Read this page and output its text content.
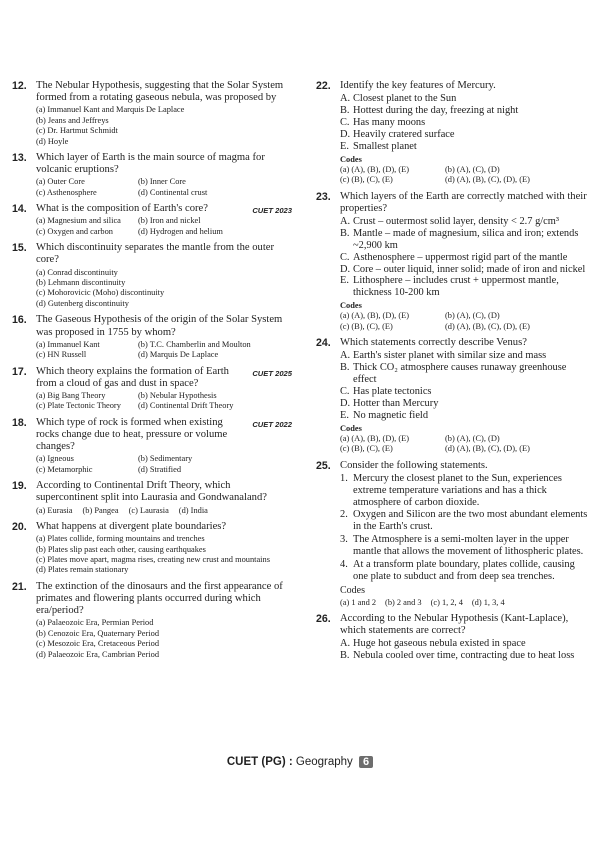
12. The Nebular Hypothesis, suggesting that the Solar System formed from a rotating gaseous nebula, was proposed by
(a) Immanuel Kant and Marquis De Laplace
(b) Jeans and Jeffreys
(c) Dr. Hartmut Schmidt
(d) Hoyle
13. Which layer of Earth is the main source of magma for volcanic eruptions?
(a) Outer Core	(b) Inner Core
(c) Asthenosphere	(d) Continental crust
14.	CUET 2023
What is the composition of Earth's core?
(a) Magnesium and silica	(b) Iron and nickel
(c) Oxygen and carbon	(d) Hydrogen and helium
15. Which discontinuity separates the mantle from the outer core?
(a) Conrad discontinuity
(b) Lehmann discontinuity
(c) Mohorovicic (Moho) discontinuity
(d) Gutenberg discontinuity
16. The Gaseous Hypothesis of the origin of the Solar System was proposed in 1755 by whom?
(a) Immanuel Kant	(b) T.C. Chamberlin and Moulton
(c) HN Russell	(d) Marquis De Laplace
17.	CUET 2025
Which theory explains the formation of Earth from a cloud of gas and dust in space?
(a) Big Bang Theory	(b) Nebular Hypothesis
(c) Plate Tectonic Theory	(d) Continental Drift Theory
18.	CUET 2022
Which type of rock is formed when existing rocks change due to heat, pressure or volume changes?
(a) Igneous	(b) Sedimentary
(c) Metamorphic	(d) Stratified
19. According to Continental Drift Theory, which supercontinent split into Laurasia and Gondwanaland?
(a) Eurasia (b) Pangea (c) Laurasia (d) India
20. What happens at divergent plate boundaries?
(a) Plates collide, forming mountains and trenches
(b) Plates slip past each other, causing earthquakes
(c) Plates move apart, magma rises, creating new crust and mountains
(d) Plates remain stationary
21. The extinction of the dinosaurs and the first appearance of primates and flowering plants occurred during which era/period?
(a) Palaeozoic Era, Permian Period
(b) Cenozoic Era, Quaternary Period
(c) Mesozoic Era, Cretaceous Period
(d) Palaeozoic Era, Cambrian Period
22. Identify the key features of Mercury.
A. Closest planet to the Sun
B. Hottest during the day, freezing at night
C. Has many moons
D. Heavily cratered surface
E. Smallest planet
Codes
(a) (A), (B), (D), (E)	(b) (A), (C), (D)
(c) (B), (C), (E)	(d) (A), (B), (C), (D), (E)
23. Which layers of the Earth are correctly matched with their properties?
A. Crust – outermost solid layer, density < 2.7 g/cm³
B. Mantle – made of magnesium, silica and iron; extends ~2,900 km
C. Asthenosphere – uppermost rigid part of the mantle
D. Core – outer liquid, inner solid; made of iron and nickel
E. Lithosphere – includes crust + uppermost mantle, thickness 10-200 km
Codes
(a) (A), (B), (D), (E)	(b) (A), (C), (D)
(c) (B), (C), (E)	(d) (A), (B), (C), (D), (E)
24. Which statements correctly describe Venus?
A. Earth's sister planet with similar size and mass
B. Thick CO₂ atmosphere causes runaway greenhouse effect
C. Has plate tectonics
D. Hotter than Mercury
E. No magnetic field
Codes
(a) (A), (B), (D), (E)	(b) (A), (C), (D)
(c) (B), (C), (E)	(d) (A), (B), (C), (D), (E)
25. Consider the following statements.
1. Mercury the closest planet to the Sun, experiences extreme temperature variations and has a thick atmosphere of carbon dioxide.
2. Oxygen and Silicon are the two most abundant elements in the Earth's crust.
3. The Atmosphere is a semi-molten layer in the upper mantle that allows the movement of lithospheric plates.
4. At a transform plate boundary, plates collide, causing one plate to subduct and from deep sea trenches.
Codes
(a) 1 and 2 (b) 2 and 3 (c) 1, 2, 4 (d) 1, 3, 4
26. According to the Nebular Hypothesis (Kant-Laplace), which statements are correct?
A. Huge hot gaseous nebula existed in space
B. Nebula cooled over time, contracting due to heat loss
CUET (PG) : Geography 6
